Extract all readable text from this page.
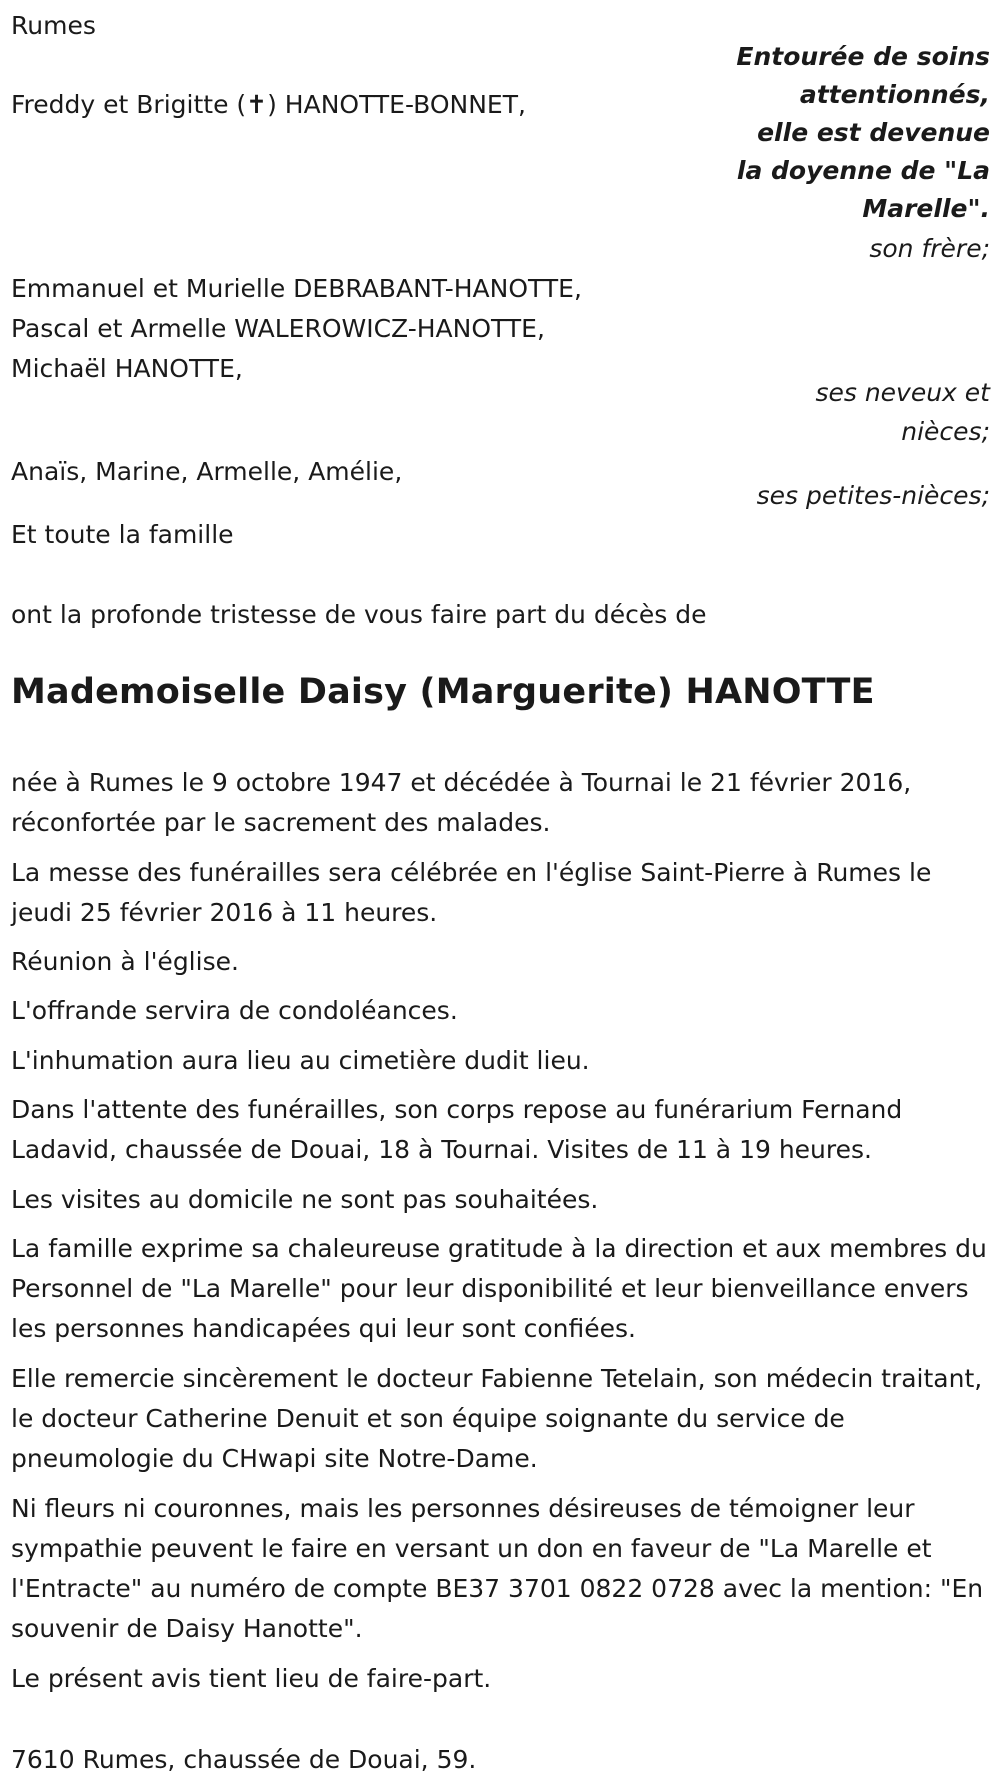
Rumes
Entourée de soins
attentionnés,
elle est devenue
la doyenne de "La
Marelle".
Freddy et Brigitte (✝) HANOTTE-BONNET,
son frère;
Emmanuel et Murielle DEBRABANT-HANOTTE,
Pascal et Armelle WALEROWICZ-HANOTTE,
Michaël HANOTTE,
ses neveux et
nièces;
Anaïs, Marine, Armelle, Amélie,
ses petites-nièces;
Et toute la famille
ont la profonde tristesse de vous faire part du décès de
Mademoiselle Daisy (Marguerite) HANOTTE
née à Rumes le 9 octobre 1947 et décédée à Tournai le 21 février 2016, réconfortée par le sacrement des malades.
La messe des funérailles sera célébrée en l'église Saint-Pierre à Rumes le jeudi 25 février 2016 à 11 heures.
Réunion à l'église.
L'offrande servira de condoléances.
L'inhumation aura lieu au cimetière dudit lieu.
Dans l'attente des funérailles, son corps repose au funérarium Fernand Ladavid, chaussée de Douai, 18 à Tournai. Visites de 11 à 19 heures.
Les visites au domicile ne sont pas souhaitées.
La famille exprime sa chaleureuse gratitude à la direction et aux membres du Personnel de "La Marelle" pour leur disponibilité et leur bienveillance envers les personnes handicapées qui leur sont confiées.
Elle remercie sincèrement le docteur Fabienne Tetelain, son médecin traitant, le docteur Catherine Denuit et son équipe soignante du service de pneumologie du CHwapi site Notre-Dame.
Ni fleurs ni couronnes, mais les personnes désireuses de témoigner leur sympathie peuvent le faire en versant un don en faveur de "La Marelle et l'Entracte" au numéro de compte BE37 3701 0822 0728 avec la mention: "En souvenir de Daisy Hanotte".
Le présent avis tient lieu de faire-part.
7610 Rumes, chaussée de Douai, 59.
